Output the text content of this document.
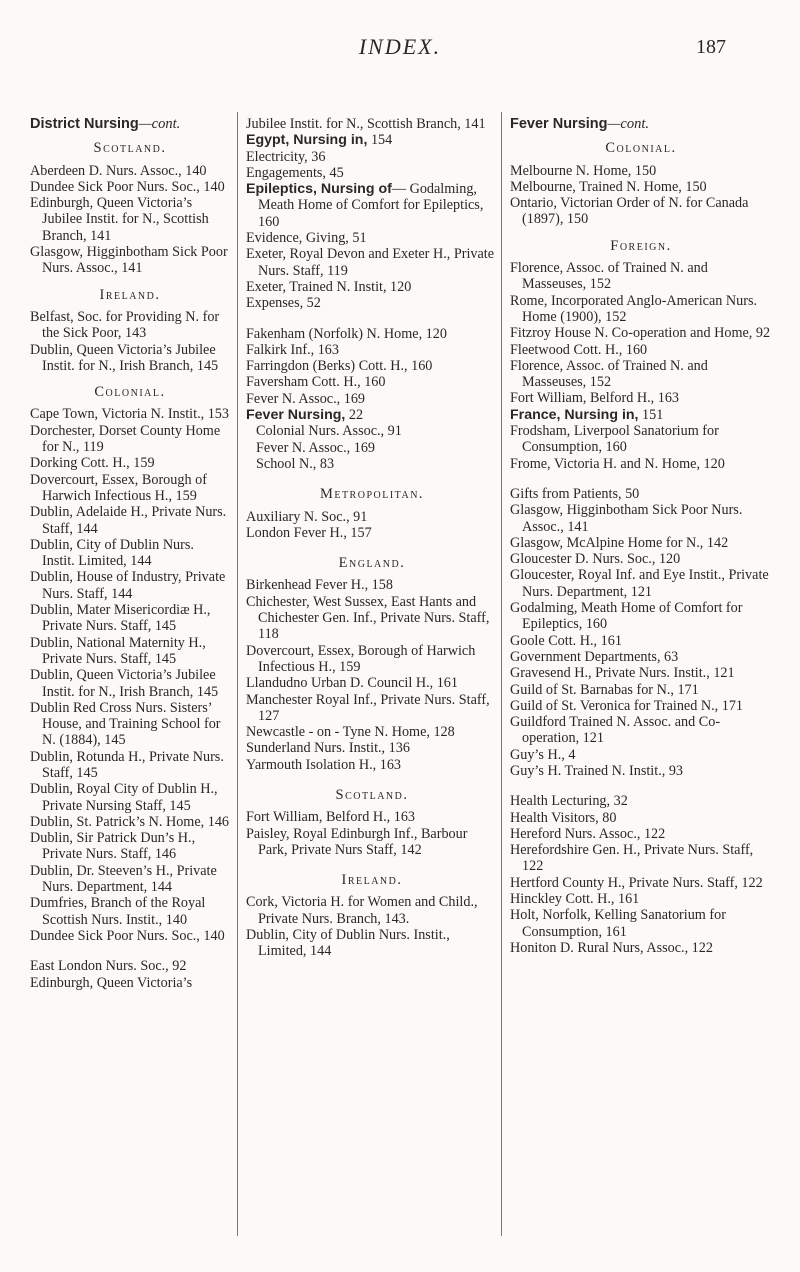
INDEX.	187
District Nursing—cont.
Scotland.
Aberdeen D. Nurs. Assoc., 140
Dundee Sick Poor Nurs. Soc., 140
Edinburgh, Queen Victoria’s Jubilee Instit. for N., Scottish Branch, 141
Glasgow, Higginbotham Sick Poor Nurs. Assoc., 141
Ireland.
Belfast, Soc. for Providing N. for the Sick Poor, 143
Dublin, Queen Victoria’s Jubilee Instit. for N., Irish Branch, 145
Colonial.
Cape Town, Victoria N. Instit., 153
Dorchester, Dorset County Home for N., 119
Dorking Cott. H., 159
Dovercourt, Essex, Borough of Harwich Infectious H., 159
Dublin, Adelaide H., Private Nurs. Staff, 144
Dublin, City of Dublin Nurs. Instit. Limited, 144
Dublin, House of Industry, Private Nurs. Staff, 144
Dublin, Mater Misericordiæ H., Private Nurs. Staff, 145
Dublin, National Maternity H., Private Nurs. Staff, 145
Dublin, Queen Victoria’s Jubilee Instit. for N., Irish Branch, 145
Dublin Red Cross Nurs. Sisters’ House, and Training School for N. (1884), 145
Dublin, Rotunda H., Private Nurs. Staff, 145
Dublin, Royal City of Dublin H., Private Nursing Staff, 145
Dublin, St. Patrick’s N. Home, 146
Dublin, Sir Patrick Dun’s H., Private Nurs. Staff, 146
Dublin, Dr. Steeven’s H., Private Nurs. Department, 144
Dumfries, Branch of the Royal Scottish Nurs. Instit., 140
Dundee Sick Poor Nurs. Soc., 140
East London Nurs. Soc., 92
Edinburgh, Queen Victoria’s
Jubilee Instit. for N., Scottish Branch, 141
Egypt, Nursing in, 154
Electricity, 36
Engagements, 45
Epileptics, Nursing of— Godalming, Meath Home of Comfort for Epileptics, 160
Evidence, Giving, 51
Exeter, Royal Devon and Exeter H., Private Nurs. Staff, 119
Exeter, Trained N. Instit, 120
Expenses, 52
Fakenham (Norfolk) N. Home, 120
Falkirk Inf., 163
Farringdon (Berks) Cott. H., 160
Faversham Cott. H., 160
Fever N. Assoc., 169
Fever Nursing, 22
Colonial Nurs. Assoc., 91
Fever N. Assoc., 169
School N., 83
Metropolitan.
Auxiliary N. Soc., 91
London Fever H., 157
England.
Birkenhead Fever H., 158
Chichester, West Sussex, East Hants and Chichester Gen. Inf., Private Nurs. Staff, 118
Dovercourt, Essex, Borough of Harwich Infectious H., 159
Llandudno Urban D. Council H., 161
Manchester Royal Inf., Private Nurs. Staff, 127
Newcastle - on - Tyne N. Home, 128
Sunderland Nurs. Instit., 136
Yarmouth Isolation H., 163
Scotland.
Fort William, Belford H., 163
Paisley, Royal Edinburgh Inf., Barbour Park, Private Nurs Staff, 142
Ireland.
Cork, Victoria H. for Women and Child., Private Nurs. Branch, 143.
Dublin, City of Dublin Nurs. Instit., Limited, 144
Fever Nursing—cont.
Colonial.
Melbourne N. Home, 150
Melbourne, Trained N. Home, 150
Ontario, Victorian Order of N. for Canada (1897), 150
Foreign.
Florence, Assoc. of Trained N. and Masseuses, 152
Rome, Incorporated Anglo-American Nurs. Home (1900), 152
Fitzroy House N. Co-operation and Home, 92
Fleetwood Cott. H., 160
Florence, Assoc. of Trained N. and Masseuses, 152
Fort William, Belford H., 163
France, Nursing in, 151
Frodsham, Liverpool Sanatorium for Consumption, 160
Frome, Victoria H. and N. Home, 120
Gifts from Patients, 50
Glasgow, Higginbotham Sick Poor Nurs. Assoc., 141
Glasgow, McAlpine Home for N., 142
Gloucester D. Nurs. Soc., 120
Gloucester, Royal Inf. and Eye Instit., Private Nurs. Department, 121
Godalming, Meath Home of Comfort for Epileptics, 160
Goole Cott. H., 161
Government Departments, 63
Gravesend H., Private Nurs. Instit., 121
Guild of St. Barnabas for N., 171
Guild of St. Veronica for Trained N., 171
Guildford Trained N. Assoc. and Co-operation, 121
Guy’s H., 4
Guy’s H. Trained N. Instit., 93
Health Lecturing, 32
Health Visitors, 80
Hereford Nurs. Assoc., 122
Herefordshire Gen. H., Private Nurs. Staff, 122
Hertford County H., Private Nurs. Staff, 122
Hinckley Cott. H., 161
Holt, Norfolk, Kelling Sanatorium for Consumption, 161
Honiton D. Rural Nurs, Assoc., 122
